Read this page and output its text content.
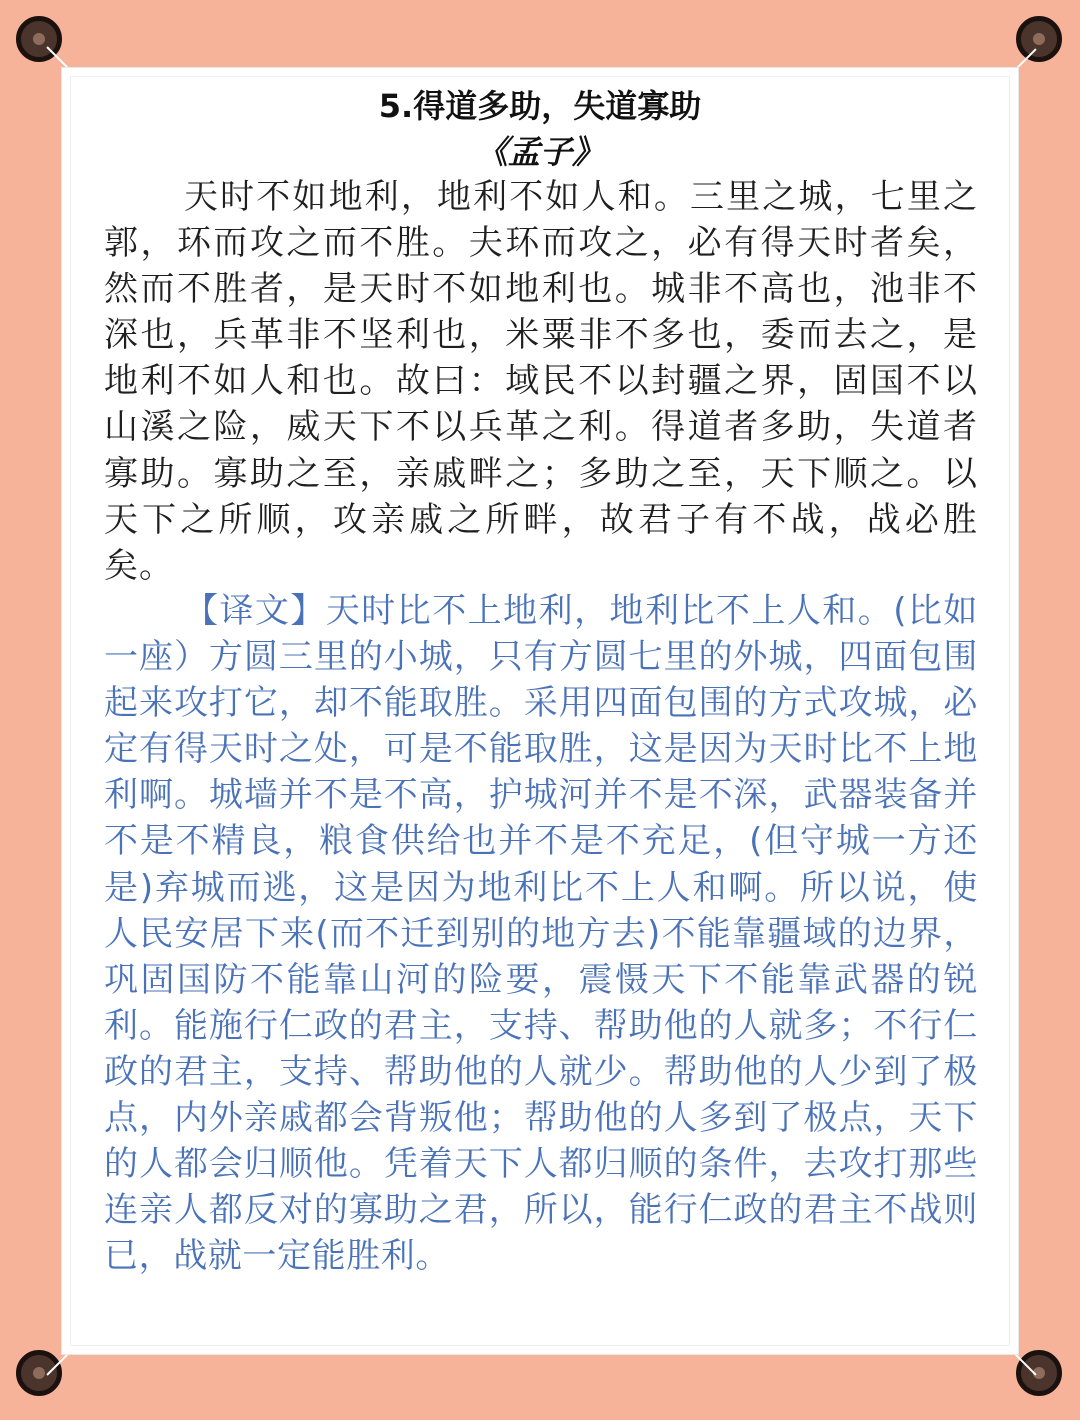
5.得道多助，失道寡助
《孟子》

天时不如地利，地利不如人和。三里之城，七里之郭，环而攻之而不胜。夫环而攻之，必有得天时者矣，然而不胜者，是天时不如地利也。城非不高也，池非不深也，兵革非不坚利也，米粟非不多也，委而去之，是地利不如人和也。故曰：域民不以封疆之界，固国不以山溪之险，威天下不以兵革之利。得道者多助，失道者寡助。寡助之至，亲戚畔之；多助之至，天下顺之。以天下之所顺，攻亲戚之所畔，故君子有不战，战必胜矣。

【译文】天时比不上地利，地利比不上人和。(比如一座）方圆三里的小城，只有方圆七里的外城，四面包围起来攻打它，却不能取胜。采用四面包围的方式攻城，必定有得天时之处，可是不能取胜，这是因为天时比不上地利啊。城墙并不是不高，护城河并不是不深，武器装备并不是不精良，粮食供给也并不是不充足，(但守城一方还是)弃城而逃，这是因为地利比不上人和啊。所以说，使人民安居下来(而不迁到别的地方去)不能靠疆域的边界，巩固国防不能靠山河的险要，震慑天下不能靠武器的锐利。能施行仁政的君主，支持、帮助他的人就多；不行仁政的君主，支持、帮助他的人就少。帮助他的人少到了极点，内外亲戚都会背叛他；帮助他的人多到了极点，天下的人都会归顺他。凭着天下人都归顺的条件，去攻打那些连亲人都反对的寡助之君，所以，能行仁政的君主不战则已，战就一定能胜利。
